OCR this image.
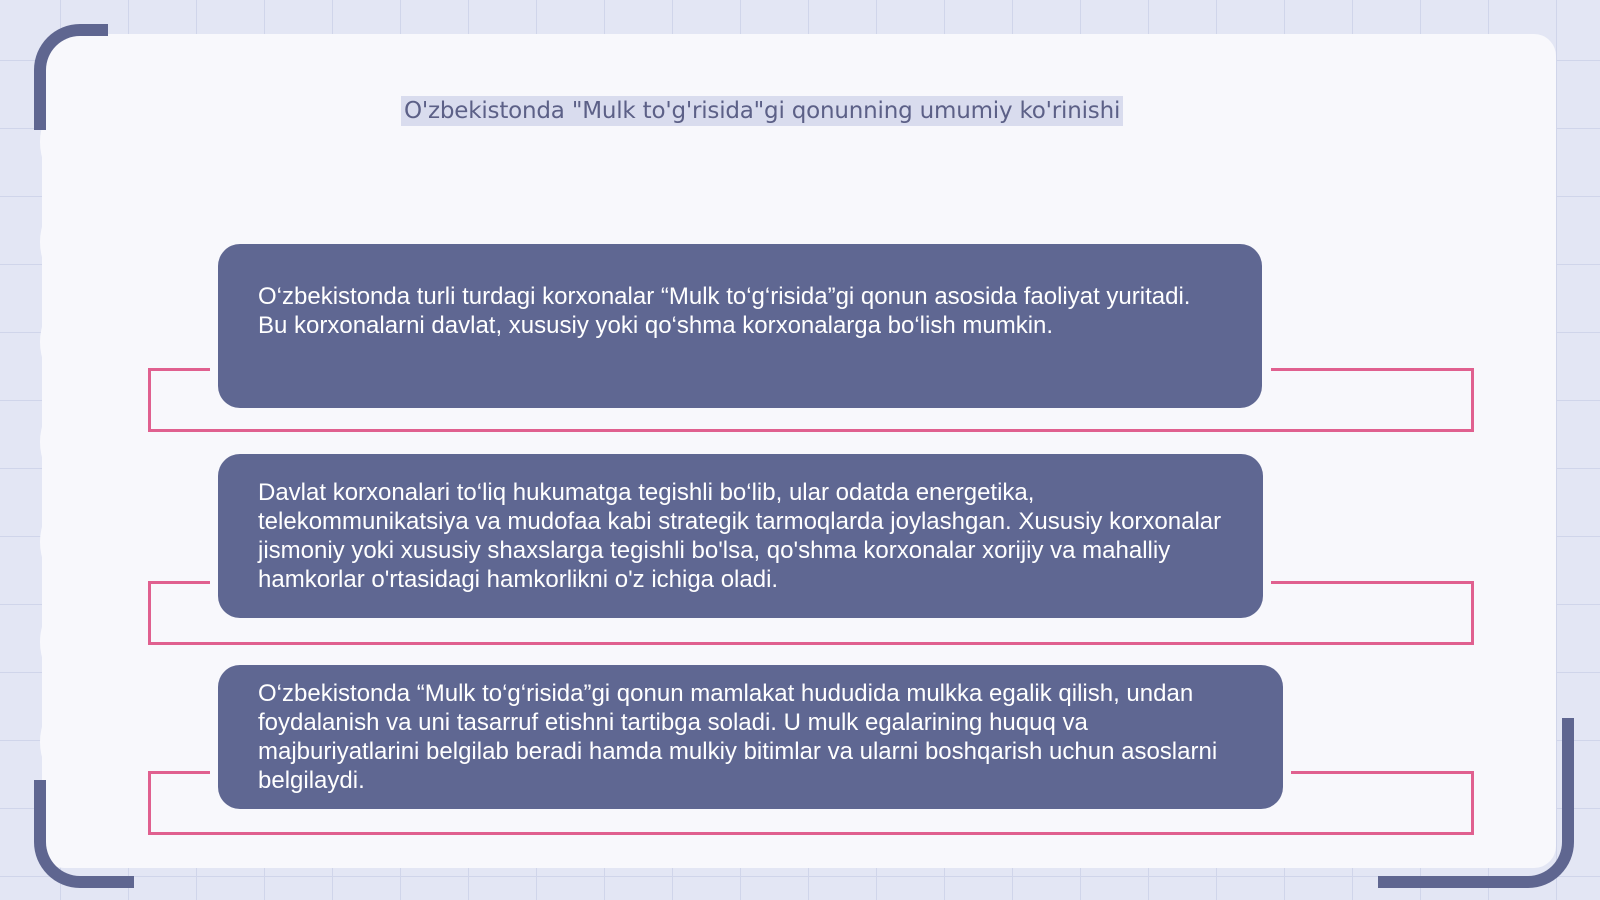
O'zbekistonda "Mulk to'g'risida"gi qonunning umumiy ko'rinishi
O‘zbekistonda turli turdagi korxonalar “Mulk to‘g‘risida”gi qonun asosida faoliyat yuritadi. Bu korxonalarni davlat, xususiy yoki qo‘shma korxonalarga bo‘lish mumkin.
Davlat korxonalari to‘liq hukumatga tegishli bo‘lib, ular odatda energetika, telekommunikatsiya va mudofaa kabi strategik tarmoqlarda joylashgan. Xususiy korxonalar jismoniy yoki xususiy shaxslarga tegishli bo'lsa, qo'shma korxonalar xorijiy va mahalliy hamkorlar o'rtasidagi hamkorlikni o'z ichiga oladi.
O‘zbekistonda “Mulk to‘g‘risida”gi qonun mamlakat hududida mulkka egalik qilish, undan foydalanish va uni tasarruf etishni tartibga soladi. U mulk egalarining huquq va majburiyatlarini belgilab beradi hamda mulkiy bitimlar va ularni boshqarish uchun asoslarni belgilaydi.
